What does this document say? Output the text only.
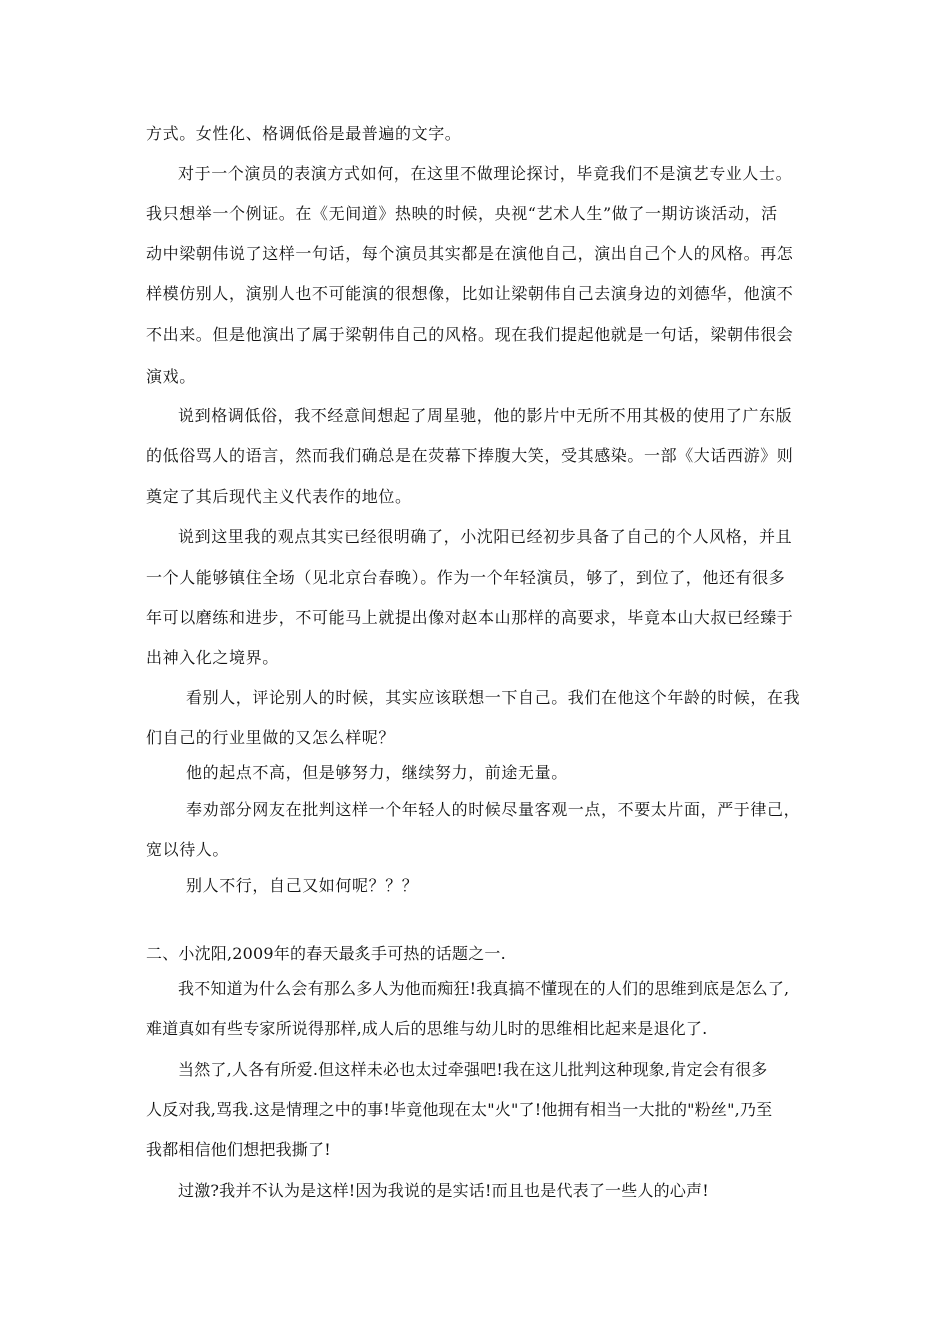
方式。女性化、格调低俗是最普遍的文字。
对于一个演员的表演方式如何，在这里不做理论探讨，毕竟我们不是演艺专业人士。
我只想举一个例证。在《无间道》热映的时候，央视“艺术人生”做了一期访谈活动，活
动中梁朝伟说了这样一句话，每个演员其实都是在演他自己，演出自己个人的风格。再怎
样模仿别人，演别人也不可能演的很想像，比如让梁朝伟自己去演身边的刘德华，他演不
不出来。但是他演出了属于梁朝伟自己的风格。现在我们提起他就是一句话，梁朝伟很会
演戏。
说到格调低俗，我不经意间想起了周星驰，他的影片中无所不用其极的使用了广东版
的低俗骂人的语言，然而我们确总是在荧幕下捧腹大笑，受其感染。一部《大话西游》则
奠定了其后现代主义代表作的地位。
说到这里我的观点其实已经很明确了，小沈阳已经初步具备了自己的个人风格，并且
一个人能够镇住全场（见北京台春晚）。作为一个年轻演员，够了，到位了，他还有很多
年可以磨练和进步，不可能马上就提出像对赵本山那样的高要求，毕竟本山大叔已经臻于
出神入化之境界。
看别人，评论别人的时候，其实应该联想一下自己。我们在他这个年龄的时候，在我
们自己的行业里做的又怎么样呢？
他的起点不高，但是够努力，继续努力，前途无量。
奉劝部分网友在批判这样一个年轻人的时候尽量客观一点，不要太片面，严于律己，
宽以待人。
别人不行，自己又如何呢？？？
二、小沈阳,2009年的春天最炙手可热的话题之一.
我不知道为什么会有那么多人为他而痴狂!我真搞不懂现在的人们的思维到底是怎么了,
难道真如有些专家所说得那样,成人后的思维与幼儿时的思维相比起来是退化了.
当然了,人各有所爱.但这样未必也太过牵强吧!我在这儿批判这种现象,肯定会有很多
人反对我,骂我.这是情理之中的事!毕竟他现在太"火"了!他拥有相当一大批的"粉丝",乃至
我都相信他们想把我撕了!
过激?我并不认为是这样!因为我说的是实话!而且也是代表了一些人的心声!
